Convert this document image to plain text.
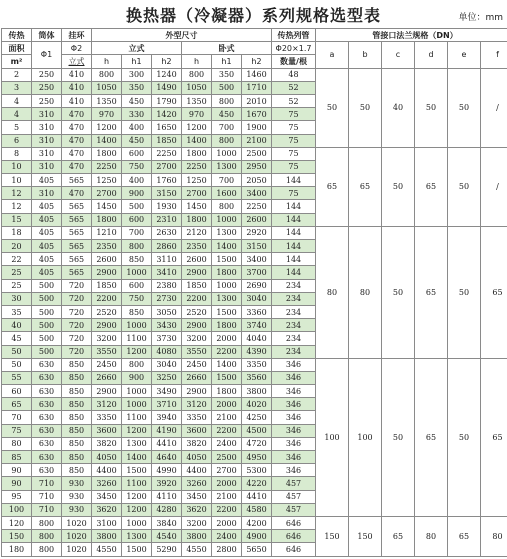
换热器（冷凝器）系列规格选型表	单位：mm
传热	筒体	挂环	外型尺寸						传热列管	管接口法兰规格（DN）					
面积	Φ1	Φ2	立式			卧式			Φ20×1.7	a	b	c	d	e	f
m²		立式	h	h1	h2	h	h1	h2	数量/根						
2	250	410	800	300	1240	800	350	1460	48	50	50	40	50	50	/
3	250	410	1050	350	1490	1050	500	1710	52						
4	250	410	1350	450	1790	1350	800	2010	52						
4	310	470	970	330	1420	970	450	1670	75						
5	310	470	1200	400	1650	1200	700	1900	75						
6	310	470	1400	450	1850	1400	800	2100	75						
8	310	470	1800	600	2250	1800	1000	2500	75	65	65	50	65	50	/
10	310	470	2250	750	2700	2250	1300	2950	75						
10	405	565	1250	400	1760	1250	700	2050	144						
12	310	470	2700	900	3150	2700	1600	3400	75						
12	405	565	1450	500	1930	1450	800	2250	144						
15	405	565	1800	600	2310	1800	1000	2600	144						
18	405	565	1210	700	2630	2120	1300	2920	144	80	80	50	65	50	65
20	405	565	2350	800	2860	2350	1400	3150	144						
22	405	565	2600	850	3110	2600	1500	3400	144						
25	405	565	2900	1000	3410	2900	1800	3700	144						
25	500	720	1850	600	2380	1850	1000	2690	234						
30	500	720	2200	750	2730	2200	1300	3040	234						
35	500	720	2520	850	3050	2520	1500	3360	234						
40	500	720	2900	1000	3430	2900	1800	3740	234						
45	500	720	3200	1100	3730	3200	2000	4040	234						
50	500	720	3550	1200	4080	3550	2200	4390	234						
50	630	850	2450	800	3040	2450	1400	3350	346	100	100	50	65	50	65
55	630	850	2660	900	3250	2660	1500	3560	346						
60	630	850	2900	1000	3490	2900	1800	3800	346						
65	630	850	3120	1000	3710	3120	2000	4020	346						
70	630	850	3350	1100	3940	3350	2100	4250	346						
75	630	850	3600	1200	4190	3600	2200	4500	346						
80	630	850	3820	1300	4410	3820	2400	4720	346						
85	630	850	4050	1400	4640	4050	2500	4950	346						
90	630	850	4400	1500	4990	4400	2700	5300	346						
90	710	930	3260	1100	3920	3260	2000	4220	457						
95	710	930	3450	1200	4110	3450	2100	4410	457						
100	710	930	3620	1200	4280	3620	2200	4580	457						
120	800	1020	3100	1000	3840	3200	2000	4200	646	150	150	65	80	65	80
150	800	1020	3800	1300	4540	3800	2400	4900	646						
180	800	1020	4550	1500	5290	4550	2800	5650	646						
